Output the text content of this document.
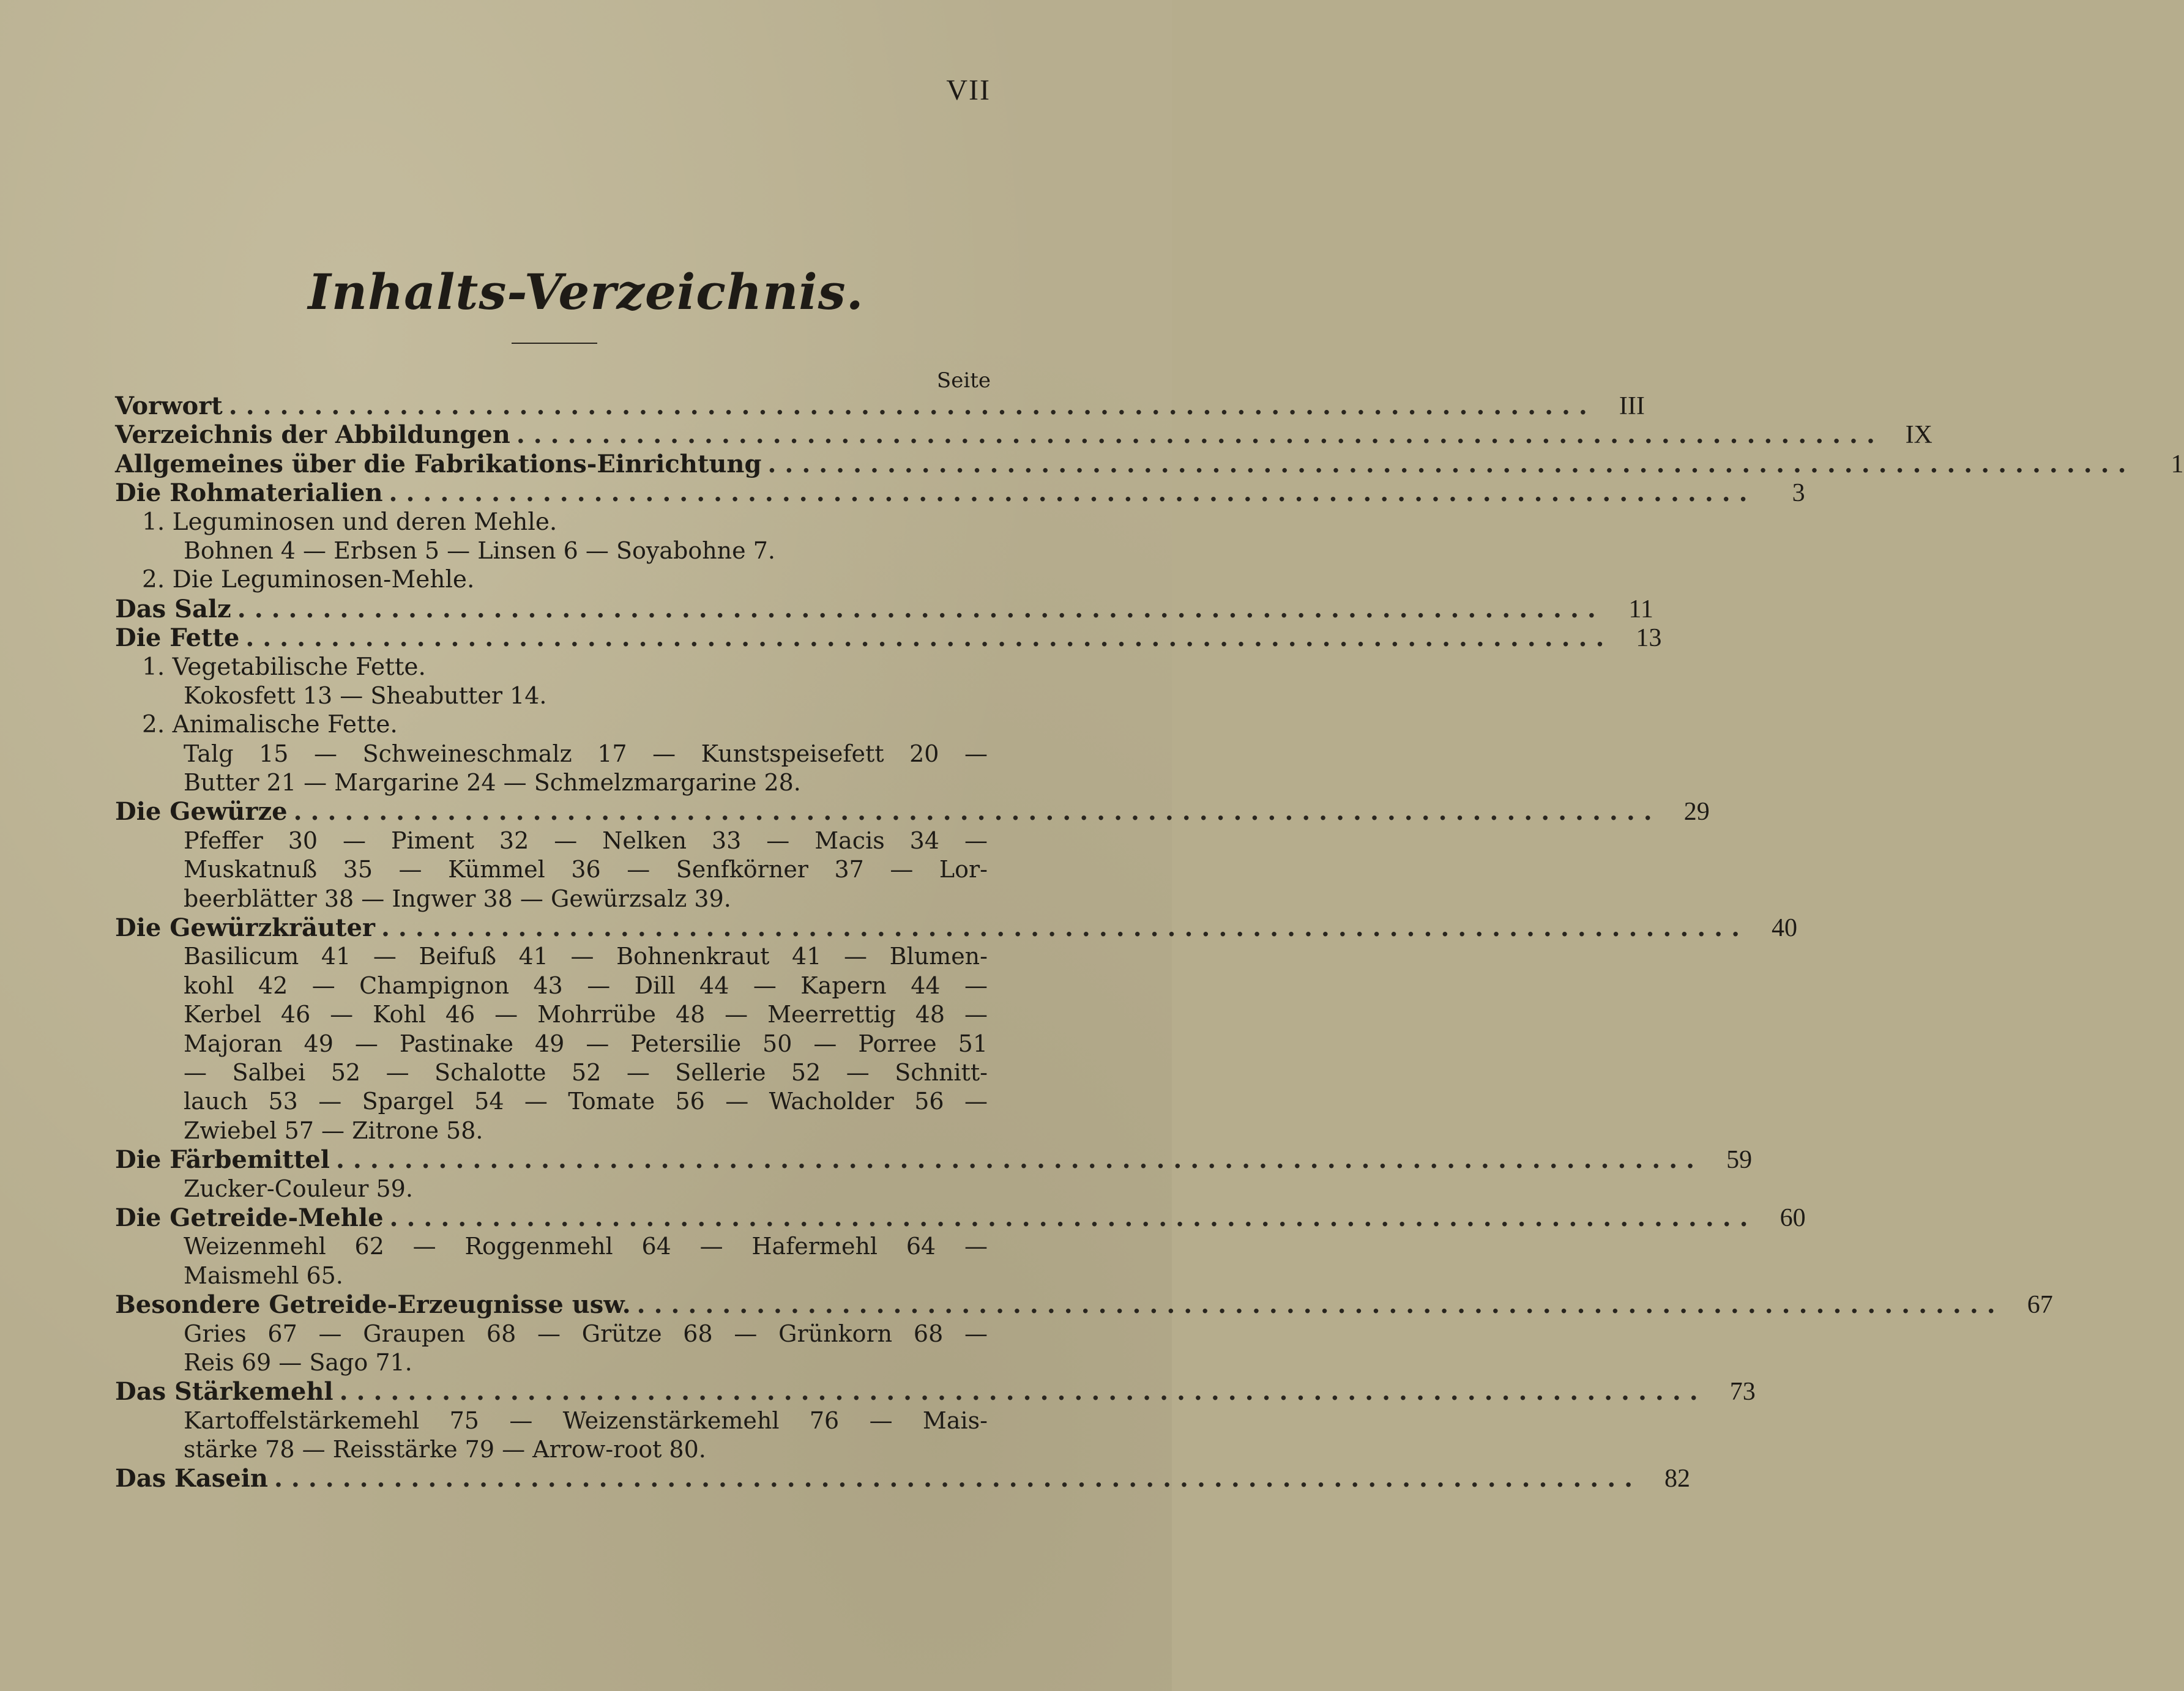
VII
Inhalts-Verzeichnis.
Seite
Vorwort ................................................................................ III
Verzeichnis der Abbildungen ................................................................................ IX
Allgemeines über die Fabrikations-Einrichtung ................................................................................	1
Die Rohmaterialien ................................................................................	3
1. Leguminosen und deren Mehle.
Bohnen 4 — Erbsen 5 — Linsen 6 — Soyabohne 7.
2. Die Leguminosen-Mehle.
Das Salz ................................................................................ 11
Die Fette ................................................................................ 13
1. Vegetabilische Fette.
Kokosfett 13 — Sheabutter 14.
2. Animalische Fette.
Talg 15 — Schweineschmalz 17 — Kunstspeisefett 20 —
Butter 21 — Margarine 24 — Schmelzmargarine 28.
Die Gewürze ................................................................................ 29
Pfeffer 30 — Piment 32 — Nelken 33 — Macis 34 —
Muskatnuß 35 — Kümmel 36 — Senfkörner 37 — Lor-
beerblätter 38 — Ingwer 38 — Gewürzsalz 39.
Die Gewürzkräuter ................................................................................ 40
Basilicum 41 — Beifuß 41 — Bohnenkraut 41 — Blumen-
kohl 42 — Champignon 43 — Dill 44 — Kapern 44 —
Kerbel 46 — Kohl 46 — Mohrrübe 48 — Meerrettig 48 —
Majoran 49 — Pastinake 49 — Petersilie 50 — Porree 51
— Salbei 52 — Schalotte 52 — Sellerie 52 — Schnitt-
lauch 53 — Spargel 54 — Tomate 56 — Wacholder 56 —
Zwiebel 57 — Zitrone 58.
Die Färbemittel ................................................................................ 59
Zucker-Couleur 59.
Die Getreide-Mehle ................................................................................ 60
Weizenmehl 62 — Roggenmehl 64 — Hafermehl 64 —
Maismehl 65.
Besondere Getreide-Erzeugnisse usw. ................................................................................ 67
Gries 67 — Graupen 68 — Grütze 68 — Grünkorn 68 —
Reis 69 — Sago 71.
Das Stärkemehl ................................................................................ 73
Kartoffelstärkemehl 75 — Weizenstärkemehl 76 — Mais-
stärke 78 — Reisstärke 79 — Arrow-root 80.
Das Kasein ................................................................................ 82
